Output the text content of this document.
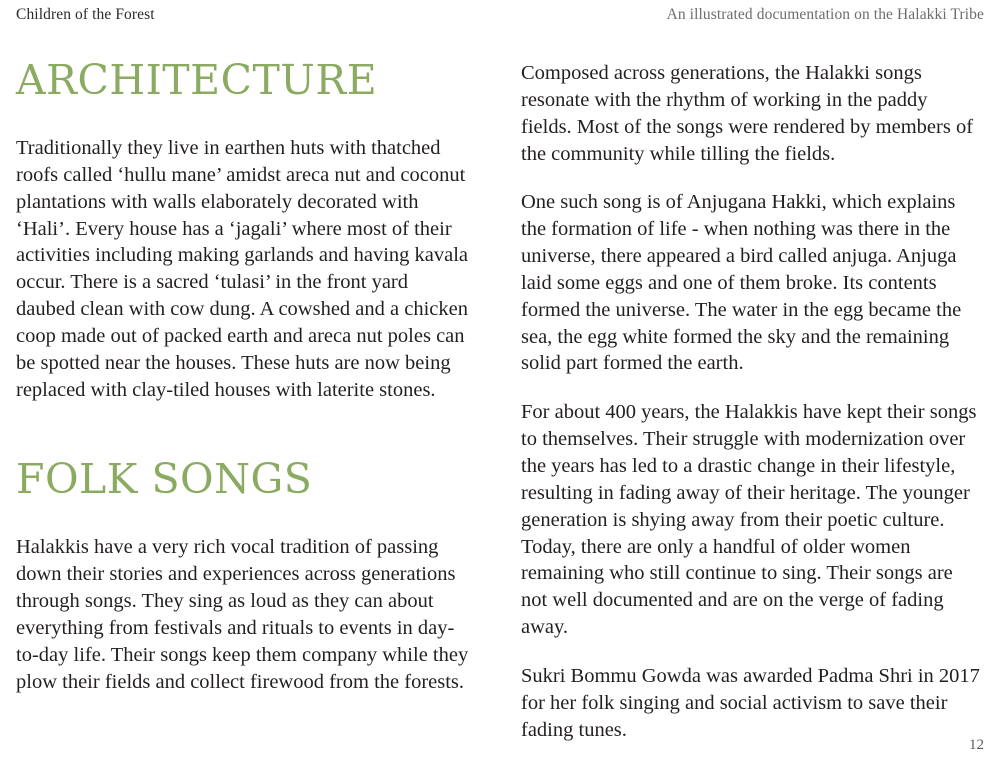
Children of the Forest	An illustrated documentation on the Halakki Tribe
ARCHITECTURE

Traditionally they live in earthen huts with thatched roofs called ‘hullu mane’ amidst areca nut and coconut plantations with walls elaborately decorated with ‘Hali’. Every house has a ‘jagali’ where most of their activities including making garlands and having kavala occur. There is a sacred ‘tulasi’ in the front yard daubed clean with cow dung. A cowshed and a chicken coop made out of packed earth and areca nut poles can be spotted near the houses. These huts are now being replaced with clay-tiled houses with laterite stones.

FOLK SONGS

Halakkis have a very rich vocal tradition of passing down their stories and experiences across generations through songs. They sing as loud as they can about everything from festivals and rituals to events in day-to-day life. Their songs keep them company while they plow their fields and collect firewood from the forests.

Composed across generations, the Halakki songs resonate with the rhythm of working in the paddy fields. Most of the songs were rendered by members of the community while tilling the fields.

One such song is of Anjugana Hakki, which explains the formation of life - when nothing was there in the universe, there appeared a bird called anjuga. Anjuga laid some eggs and one of them broke. Its contents formed the universe. The water in the egg became the sea, the egg white formed the sky and the remaining solid part formed the earth.

For about 400 years, the Halakkis have kept their songs to themselves. Their struggle with modernization over the years has led to a drastic change in their lifestyle, resulting in fading away of their heritage. The younger generation is shying away from their poetic culture. Today, there are only a handful of older women remaining who still continue to sing. Their songs are not well documented and are on the verge of fading away.

Sukri Bommu Gowda was awarded Padma Shri in 2017 for her folk singing and social activism to save their fading tunes.

12
